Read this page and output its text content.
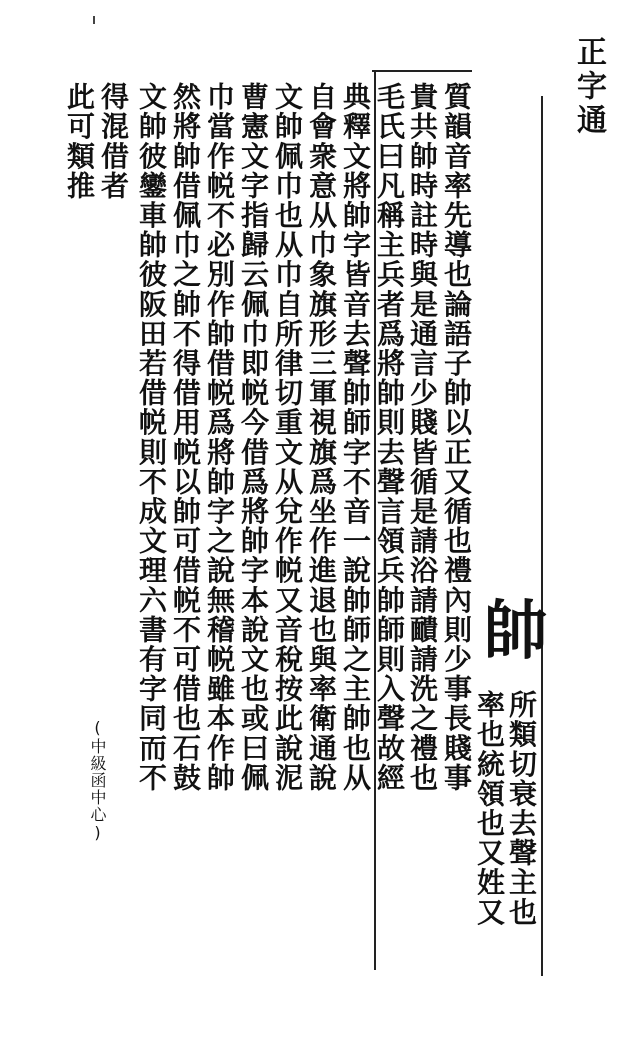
正字通
帥
所類切衰去聲主也
率也統領也又姓又
質韻音率先導也論語子帥以正又循也禮內則少事長賤事
貴共帥時註時與是通言少賤皆循是請浴請靧請洗之禮也
毛氏曰凡稱主兵者爲將帥則去聲言領兵帥師則入聲故經
典釋文將帥字皆音去聲帥師字不音一說帥師之主帥也从
自會衆意从巾象旗形三軍視旗爲坐作進退也與率衛通說
文帥佩巾也从巾自所律切重文从兌作帨又音稅按此說泥
曹憲文字指歸云佩巾即帨今借爲將帥字本說文也或曰佩
巾當作帨不必別作帥借帨爲將帥字之說無稽帨雖本作帥
然將帥借佩巾之帥不得借用帨以帥可借帨不可借也石鼓
文帥彼鑾車帥彼阪田若借帨則不成文理六書有字同而不
得混借者
此可類推
(中級函中心)
